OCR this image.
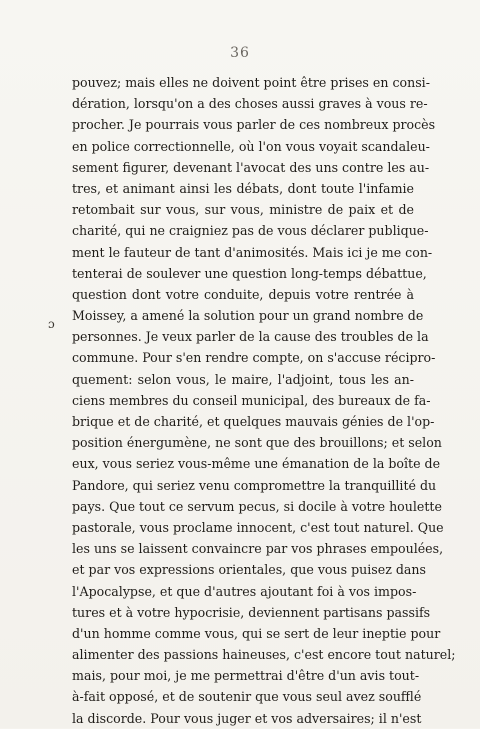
36
ɔ
pouvez; mais elles ne doivent point être prises en consi-
dération, lorsqu'on a des choses aussi graves à vous re-
procher. Je pourrais vous parler de ces nombreux procès
en police correctionnelle, où l'on vous voyait scandaleu-
sement figurer, devenant l'avocat des uns contre les au-
tres, et animant ainsi les débats, dont toute l'infamie
retombait sur vous, sur vous, ministre de paix et de
charité, qui ne craigniez pas de vous déclarer publique-
ment le fauteur de tant d'animosités. Mais ici je me con-
tenterai de soulever une question long-temps débattue,
question dont votre conduite, depuis votre rentrée à
Moissey, a amené la solution pour un grand nombre de
personnes. Je veux parler de la cause des troubles de la
commune. Pour s'en rendre compte, on s'accuse récipro-
quement: selon vous, le maire, l'adjoint, tous les an-
ciens membres du conseil municipal, des bureaux de fa-
brique et de charité, et quelques mauvais génies de l'op-
position énergumène, ne sont que des brouillons; et selon
eux, vous seriez vous-même une émanation de la boîte de
Pandore, qui seriez venu compromettre la tranquillité du
pays. Que tout ce servum pecus, si docile à votre houlette
pastorale, vous proclame innocent, c'est tout naturel. Que
les uns se laissent convaincre par vos phrases empoulées,
et par vos expressions orientales, que vous puisez dans
l'Apocalypse, et que d'autres ajoutant foi à vos impos-
tures et à votre hypocrisie, deviennent partisans passifs
d'un homme comme vous, qui se sert de leur ineptie pour
alimenter des passions haineuses, c'est encore tout naturel;
mais, pour moi, je me permettrai d'être d'un avis tout-
à-fait opposé, et de soutenir que vous seul avez soufflé
la discorde. Pour vous juger et vos adversaires; il n'est
